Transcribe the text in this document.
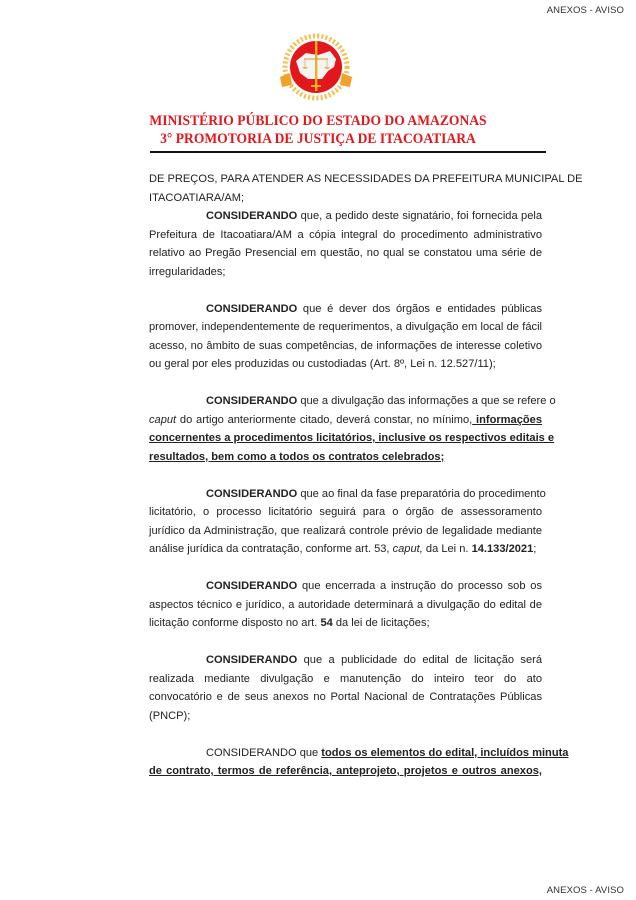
ANEXOS - AVISO
MINISTÉRIO PÚBLICO DO ESTADO DO AMAZONAS
3° PROMOTORIA DE JUSTIÇA DE ITACOATIARA
DE PREÇOS, PARA ATENDER AS NECESSIDADES DA PREFEITURA MUNICIPAL DE
ITACOATIARA/AM;
CONSIDERANDO que, a pedido deste signatário, foi fornecida pela
Prefeitura de Itacoatiara/AM a cópia integral do procedimento administrativo
relativo ao Pregão Presencial em questão, no qual se constatou uma série de
irregularidades;
CONSIDERANDO que é dever dos órgãos e entidades públicas
promover, independentemente de requerimentos, a divulgação em local de fácil
acesso, no âmbito de suas competências, de informações de interesse coletivo
ou geral por eles produzidas ou custodiadas (Art. 8º, Lei n. 12.527/11);
CONSIDERANDO que a divulgação das informações a que se refere o
caput do artigo anteriormente citado, deverá constar, no mínimo, informações
concernentes a procedimentos licitatórios, inclusive os respectivos editais e
resultados, bem como a todos os contratos celebrados;
CONSIDERANDO que ao final da fase preparatória do procedimento
licitatório, o processo licitatório seguirá para o órgão de assessoramento
jurídico da Administração, que realizará controle prévio de legalidade mediante
análise jurídica da contratação, conforme art. 53, caput, da Lei n. 14.133/2021;
CONSIDERANDO que encerrada a instrução do processo sob os
aspectos técnico e jurídico, a autoridade determinará a divulgação do edital de
licitação conforme disposto no art. 54 da lei de licitações;
CONSIDERANDO que a publicidade do edital de licitação será
realizada mediante divulgação e manutenção do inteiro teor do ato
convocatório e de seus anexos no Portal Nacional de Contratações Públicas
(PNCP);
CONSIDERANDO que todos os elementos do edital, incluídos minuta
de contrato, termos de referência, anteprojeto, projetos e outros anexos,
ANEXOS - AVISO
